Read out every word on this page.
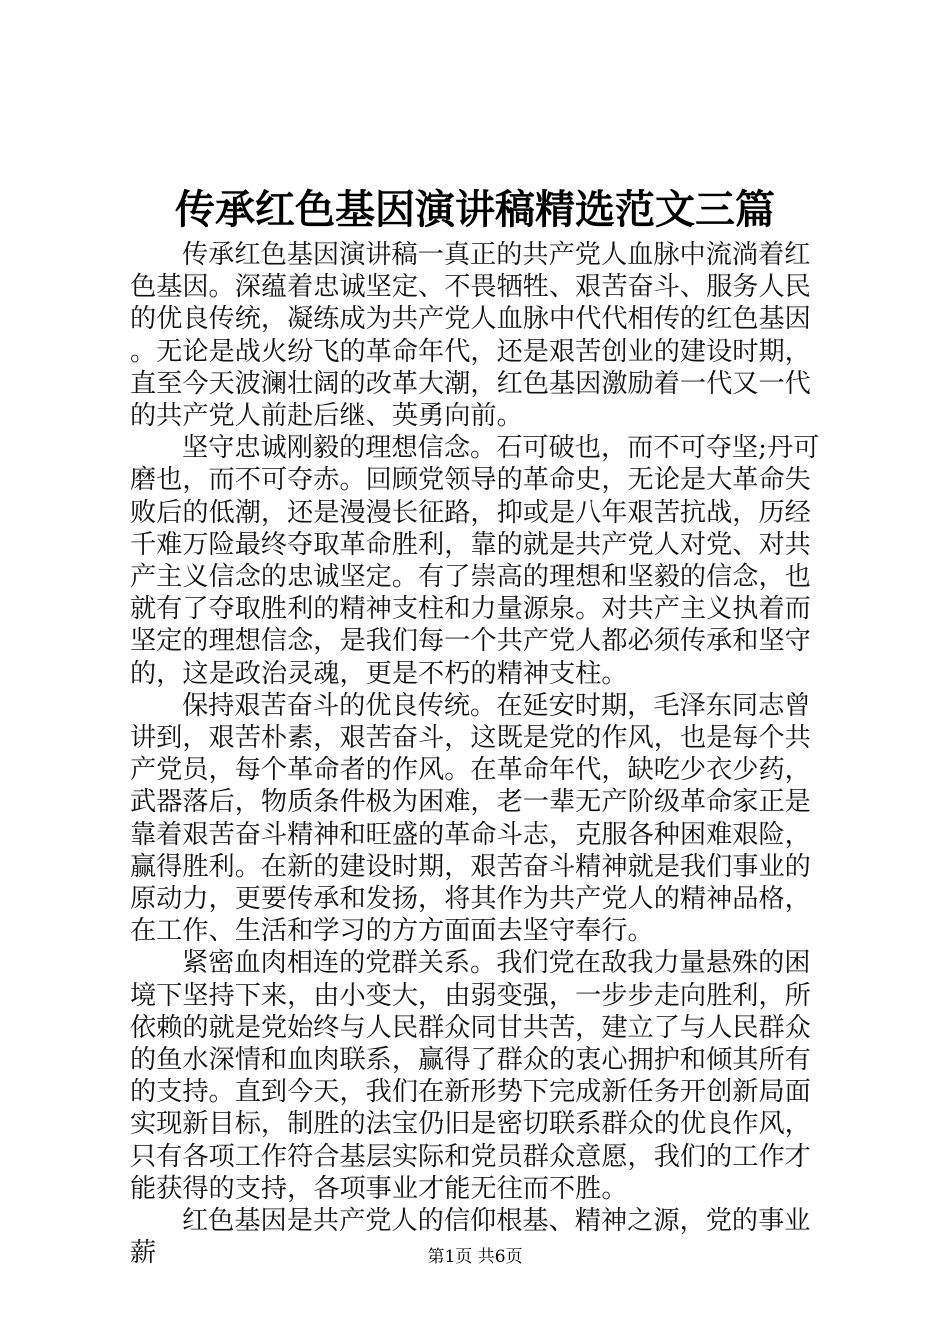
传承红色基因演讲稿精选范文三篇

传承红色基因演讲稿一真正的共产党人血脉中流淌着红色基因。深蕴着忠诚坚定、不畏牺牲、艰苦奋斗、服务人民的优良传统，凝练成为共产党人血脉中代代相传的红色基因。无论是战火纷飞的革命年代，还是艰苦创业的建设时期，直至今天波澜壮阔的改革大潮，红色基因激励着一代又一代的共产党人前赴后继、英勇向前。

坚守忠诚刚毅的理想信念。石可破也，而不可夺坚;丹可磨也，而不可夺赤。回顾党领导的革命史，无论是大革命失败后的低潮，还是漫漫长征路，抑或是八年艰苦抗战，历经千难万险最终夺取革命胜利，靠的就是共产党人对党、对共产主义信念的忠诚坚定。有了崇高的理想和坚毅的信念，也就有了夺取胜利的精神支柱和力量源泉。对共产主义执着而坚定的理想信念，是我们每一个共产党人都必须传承和坚守的，这是政治灵魂，更是不朽的精神支柱。

保持艰苦奋斗的优良传统。在延安时期，毛泽东同志曾讲到，艰苦朴素，艰苦奋斗，这既是党的作风，也是每个共产党员，每个革命者的作风。在革命年代，缺吃少衣少药，武器落后，物质条件极为困难，老一辈无产阶级革命家正是靠着艰苦奋斗精神和旺盛的革命斗志，克服各种困难艰险，赢得胜利。在新的建设时期，艰苦奋斗精神就是我们事业的原动力，更要传承和发扬，将其作为共产党人的精神品格，在工作、生活和学习的方方面面去坚守奉行。

紧密血肉相连的党群关系。我们党在敌我力量悬殊的困境下坚持下来，由小变大，由弱变强，一步步走向胜利，所依赖的就是党始终与人民群众同甘共苦，建立了与人民群众的鱼水深情和血肉联系，赢得了群众的衷心拥护和倾其所有的支持。直到今天，我们在新形势下完成新任务开创新局面实现新目标，制胜的法宝仍旧是密切联系群众的优良作风，只有各项工作符合基层实际和党员群众意愿，我们的工作才能获得的支持，各项事业才能无往而不胜。

红色基因是共产党人的信仰根基、精神之源，党的事业薪	第1页 共6页
